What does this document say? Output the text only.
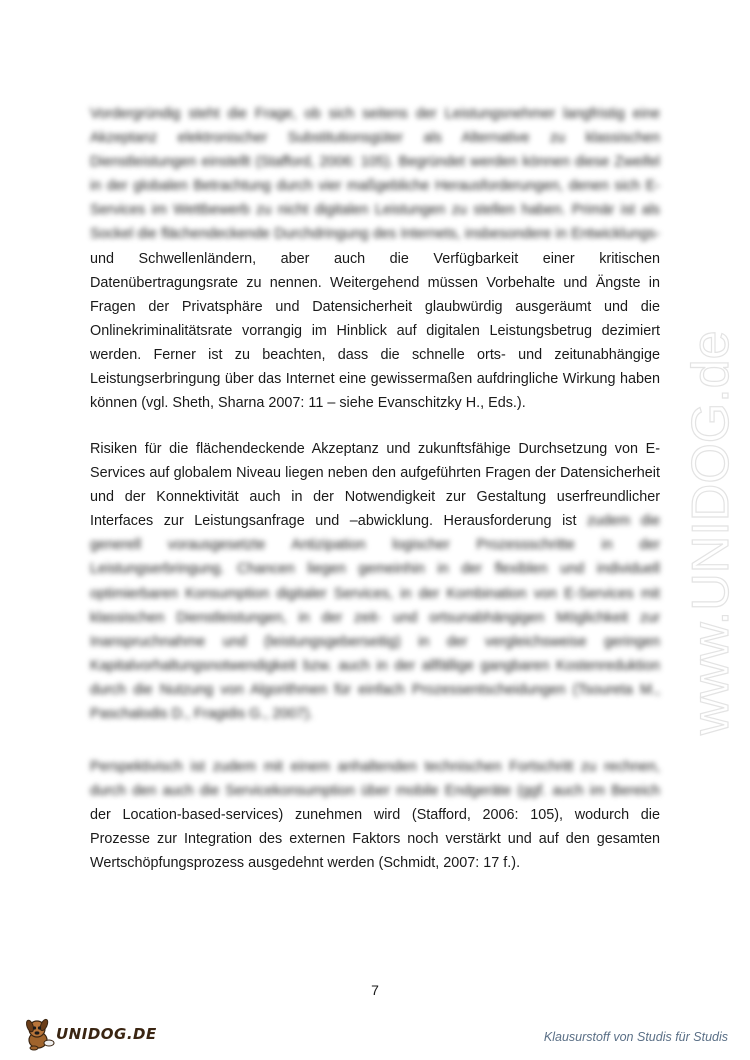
Vordergründig steht die Frage, ob sich seitens der Leistungsnehmer langfristig eine Akzeptanz elektronischer Substitutionsgüter als Alternative zu klassischen Dienstleistungen einstellt (Stafford, 2006: 105). Begründet werden können diese Zweifel in der globalen Betrachtung durch vier maßgebliche Herausforderungen, denen sich E-Services im Wettbewerb zu nicht digitalen Leistungen zu stellen haben. Primär ist als Sockel die flächendeckende Durchdringung des Internets, insbesondere in Entwicklungs- und Schwellenländern, aber auch die Verfügbarkeit einer kritischen Datenübertragungsrate zu nennen. Weitergehend müssen Vorbehalte und Ängste in Fragen der Privatsphäre und Datensicherheit glaubwürdig ausgeräumt und die Onlinekriminalitätsrate vorrangig im Hinblick auf digitalen Leistungsbetrug dezimiert werden. Ferner ist zu beachten, dass die schnelle orts- und zeitunabhängige Leistungserbringung über das Internet eine gewissermaßen aufdringliche Wirkung haben können (vgl. Sheth, Sharna 2007: 11 – siehe Evanschitzky H., Eds.).

Risiken für die flächendeckende Akzeptanz und zukunftsfähige Durchsetzung von E-Services auf globalem Niveau liegen neben den aufgeführten Fragen der Datensicherheit und der Konnektivität auch in der Notwendigkeit zur Gestaltung userfreundlicher Interfaces zur Leistungsanfrage und –abwicklung. Herausforderung ist zudem die generell vorausgesetzte Antizipation logischer Prozessschritte in der Leistungserbringung. Chancen liegen gemeinhin in der flexiblen und individuell optimierbaren Konsumption digitaler Services, in der Kombination von E-Services mit klassischen Dienstleistungen, in der zeit- und ortsunabhängigen Möglichkeit zur Inanspruchnahme und (leistungsgeberseitig) in der vergleichsweise geringen Kapitalvorhaltungsnotwendigkeit bzw. auch in der allfällige gangbaren Kostenreduktion durch die Nutzung von Algorithmen für einfach Prozessentscheidungen (Tsoureta M., Paschalodis D., Fragidis G., 2007).

Perspektivisch ist zudem mit einem anhaltenden technischen Fortschritt zu rechnen, durch den auch die Servicekonsumption über mobile Endgeräte (ggf. auch im Bereich der Location-based-services) zunehmen wird (Stafford, 2006: 105), wodurch die Prozesse zur Integration des externen Faktors noch verstärkt und auf den gesamten Wertschöpfungsprozess ausgedehnt werden (Schmidt, 2007: 17 f.).

www.UNIDOG.de
7
UNIDOG.DE	Klausurstoff von Studis für Studis
